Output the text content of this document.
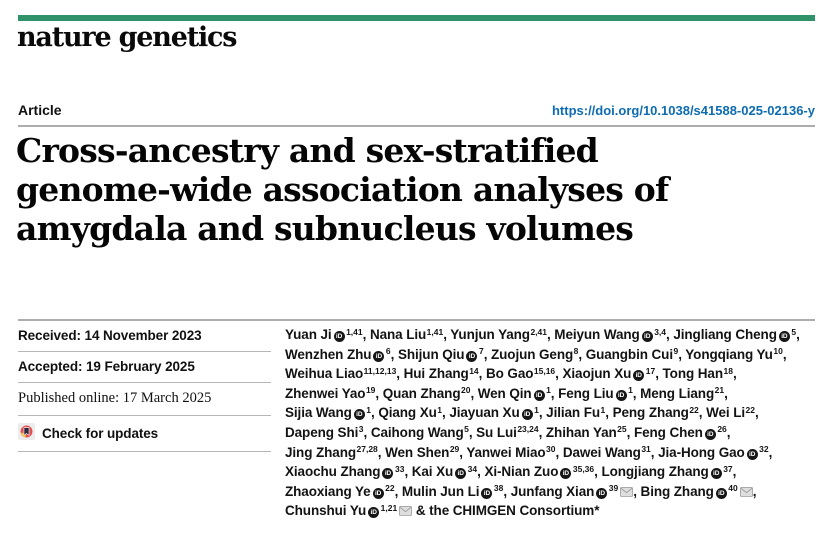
nature genetics
Article	https://doi.org/10.1038/s41588-025-02136-y
Cross-ancestry and sex-stratified
genome-wide association analyses of
amygdala and subnucleus volumes
Received: 14 November 2023
Accepted: 19 February 2025
Published online: 17 March 2025
Check for updates
Yuan Ji iD $^{1,41}$, Nana Liu$^{1,41}$, Yunjun Yang$^{2,41}$, Meiyun Wang iD $^{3,4}$, Jingliang Cheng iD $^5$,
Wenzhen Zhu iD $^6$, Shijun Qiu iD $^7$, Zuojun Geng$^8$, Guangbin Cui$^9$, Yongqiang Yu$^{10}$,
Weihua Liao$^{11,12,13}$, Hui Zhang$^{14}$, Bo Gao$^{15,16}$, Xiaojun Xu iD $^{17}$, Tong Han$^{18}$,
Zhenwei Yao$^{19}$, Quan Zhang$^{20}$, Wen Qin iD $^1$, Feng Liu iD $^1$, Meng Liang$^{21}$,
Sijia Wang iD $^1$, Qiang Xu$^1$, Jiayuan Xu iD $^1$, Jilian Fu$^1$, Peng Zhang$^{22}$, Wei Li$^{22}$,
Dapeng Shi$^3$, Caihong Wang$^5$, Su Lui$^{23,24}$, Zhihan Yan$^{25}$, Feng Chen iD $^{26}$,
Jing Zhang$^{27,28}$, Wen Shen$^{29}$, Yanwei Miao$^{30}$, Dawei Wang$^{31}$, Jia-Hong Gao iD $^{32}$,
Xiaochu Zhang iD $^{33}$, Kai Xu iD $^{34}$, Xi-Nian Zuo iD $^{35,36}$, Longjiang Zhang iD $^{37}$,
Zhaoxiang Ye iD $^{22}$, Mulin Jun Li iD $^{38}$, Junfang Xian iD $^{39}$ , Bing Zhang iD $^{40}$ ,
Chunshui Yu iD $^{1,21}$ & the CHIMGEN Consortium*
